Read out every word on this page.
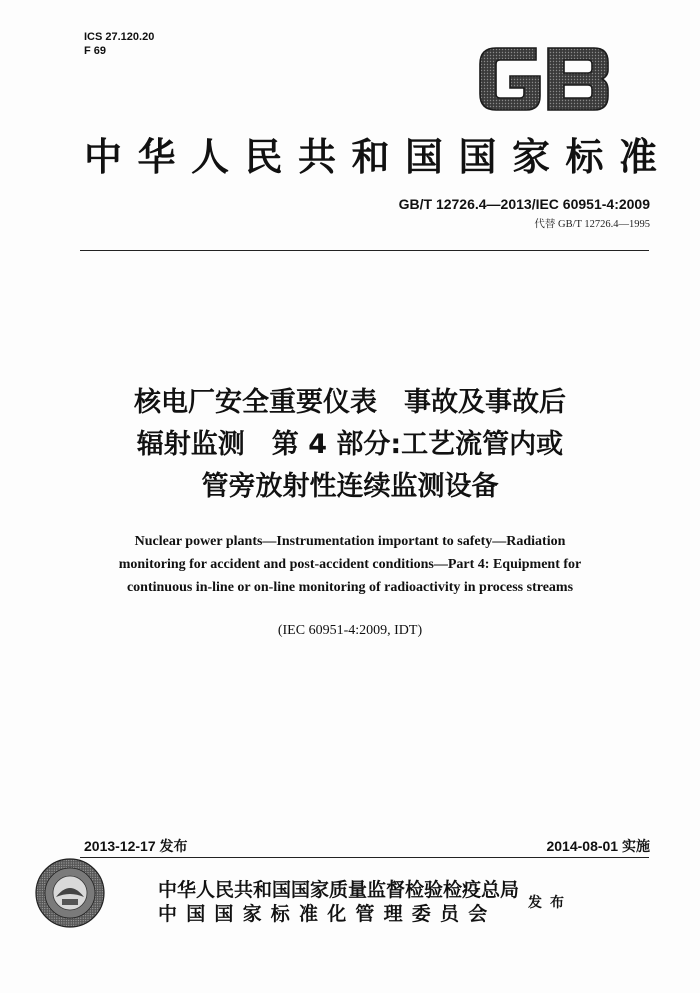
ICS 27.120.20
F 69
中华人民共和国国家标准
GB/T 12726.4—2013/IEC 60951-4:2009
代替 GB/T 12726.4—1995
核电厂安全重要仪表　事故及事故后
辐射监测　第 4 部分:工艺流管内或
管旁放射性连续监测设备
Nuclear power plants—Instrumentation important to safety—Radiation
monitoring for accident and post-accident conditions—Part 4: Equipment for
continuous in-line or on-line monitoring of radioactivity in process streams
(IEC 60951-4:2009, IDT)
2013-12-17 发布	2014-08-01 实施
中华人民共和国国家质量监督检验检疫总局
中国国家标准化管理委员会	发布
